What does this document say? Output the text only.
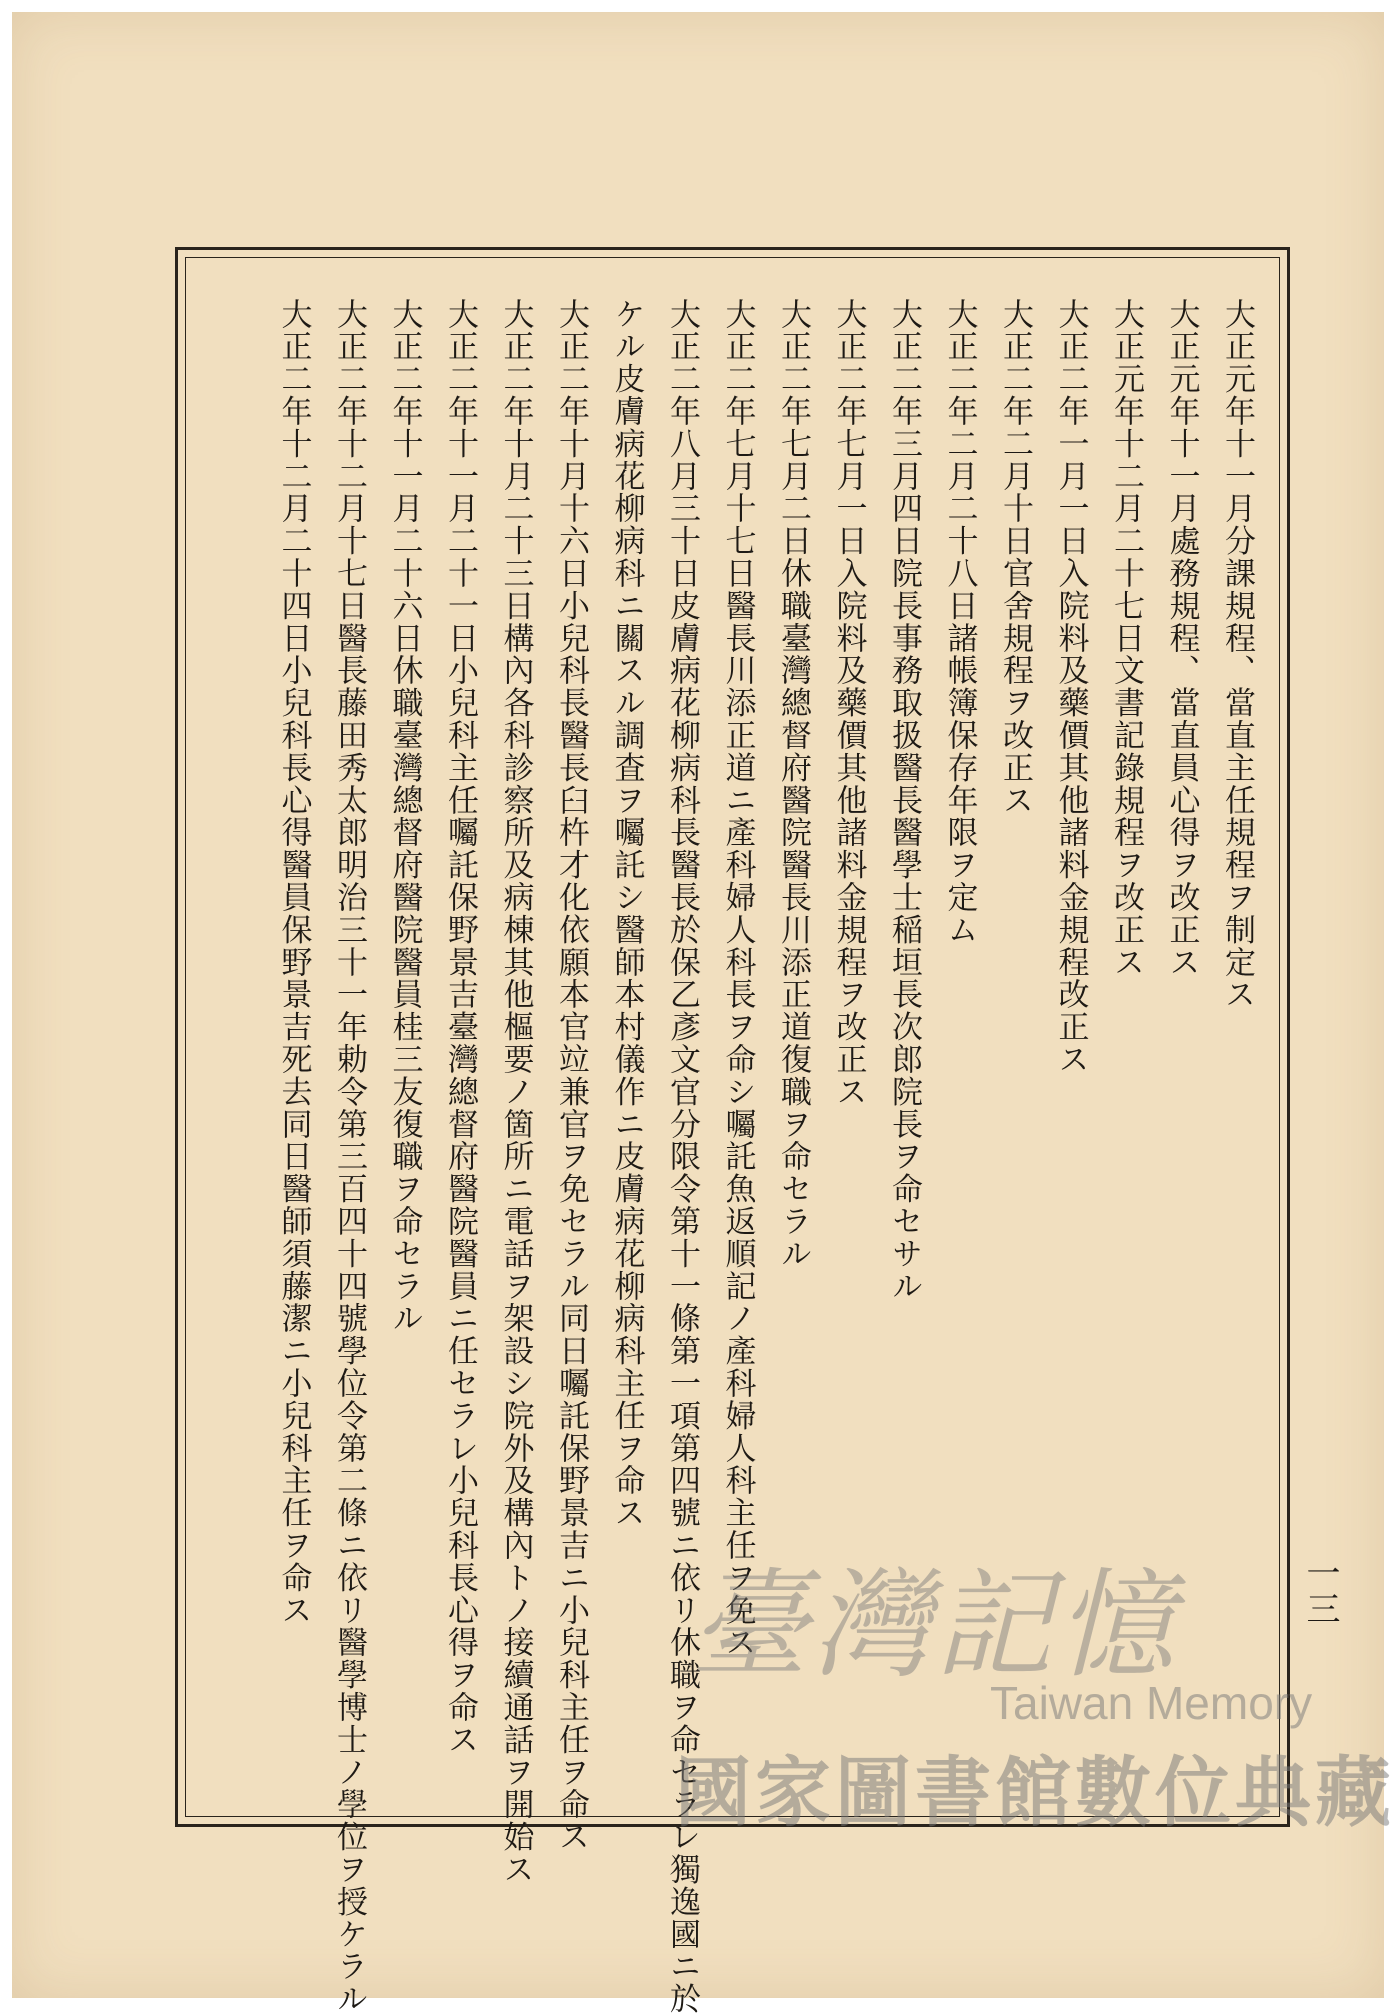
大正元年十一月分課規程、當直主任規程ヲ制定ス
大正元年十一月處務規程、當直員心得ヲ改正ス
大正元年十二月二十七日文書記錄規程ヲ改正ス
大正二年一月一日入院料及藥價其他諸料金規程改正ス
大正二年二月十日官舍規程ヲ改正ス
大正二年二月二十八日諸帳簿保存年限ヲ定ム
大正二年三月四日院長事務取扱醫長醫學士稲垣長次郎院長ヲ命セサル
大正二年七月一日入院料及藥價其他諸料金規程ヲ改正ス
大正二年七月二日休職臺灣總督府醫院醫長川添正道復職ヲ命セラル
大正二年七月十七日醫長川添正道ニ產科婦人科長ヲ命シ囑託魚返順記ノ產科婦人科主任ヲ免ス
大正二年八月三十日皮膚病花柳病科長醫長於保乙彥文官分限令第十一條第一項第四號ニ依リ休職ヲ命セラレ獨逸國ニ於
ケル皮膚病花柳病科ニ關スル調査ヲ囑託シ醫師本村儀作ニ皮膚病花柳病科主任ヲ命ス
大正二年十月十六日小兒科長醫長臼杵才化依願本官竝兼官ヲ免セラル同日囑託保野景吉ニ小兒科主任ヲ命ス
大正二年十月二十三日構內各科診察所及病棟其他樞要ノ箇所ニ電話ヲ架設シ院外及構內トノ接續通話ヲ開始ス
大正二年十一月二十一日小兒科主任囑託保野景吉臺灣總督府醫院醫員ニ任セラレ小兒科長心得ヲ命ス
大正二年十一月二十六日休職臺灣總督府醫院醫員桂三友復職ヲ命セラル
大正二年十二月十七日醫長藤田秀太郎明治三十一年勅令第三百四十四號學位令第二條ニ依リ醫學博士ノ學位ヲ授ケラル
大正二年十二月二十四日小兒科長心得醫員保野景吉死去同日醫師須藤潔ニ小兒科主任ヲ命ス	一三
臺灣記憶
Taiwan Memory
國家圖書館數位典藏
